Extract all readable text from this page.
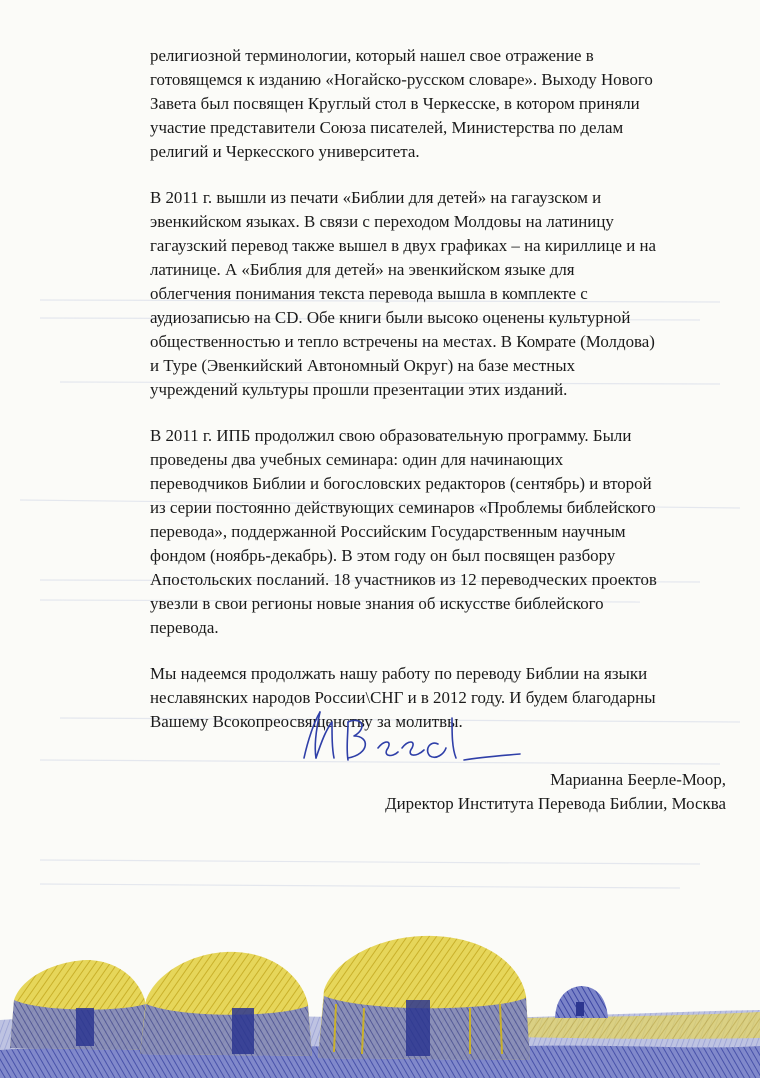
религиозной терминологии, который нашел свое отражение в
готовящемся к изданию «Ногайско-русском словаре». Выходу Нового
Завета был посвящен Круглый стол в Черкесске, в котором приняли
участие представители Союза писателей, Министерства по делам
религий и Черкесского университета.

В 2011 г. вышли из печати «Библии для детей» на гагаузском и
эвенкийском языках. В связи с переходом Молдовы на латиницу
гагаузский перевод также вышел в двух графиках – на кириллице и на
латинице. А «Библия для детей» на эвенкийском языке для
облегчения понимания текста перевода вышла в комплекте с
аудиозаписью на CD. Обе книги были высоко оценены культурной
общественностью и тепло встречены на местах. В Комрате (Молдова)
и Туре (Эвенкийский Автономный Округ) на базе местных
учреждений культуры прошли презентации этих изданий.

В 2011 г. ИПБ продолжил свою образовательную программу. Были
проведены два учебных семинара: один для начинающих
переводчиков Библии и богословских редакторов (сентябрь) и второй
из серии постоянно действующих семинаров «Проблемы библейского
перевода», поддержанной Российским Государственным научным
фондом (ноябрь-декабрь). В этом году он был посвящен разбору
Апостольских посланий. 18 участников из 12 переводческих проектов
увезли в свои регионы новые знания об искусстве библейского
перевода.

Мы надеемся продолжать нашу работу по переводу Библии на языки
неславянских народов России\СНГ и в 2012 году. И будем благодарны
Вашему Всокопреосвященству за молитвы.

Марианна Беерле-Моор,
Директор Института Перевода Библии, Москва
